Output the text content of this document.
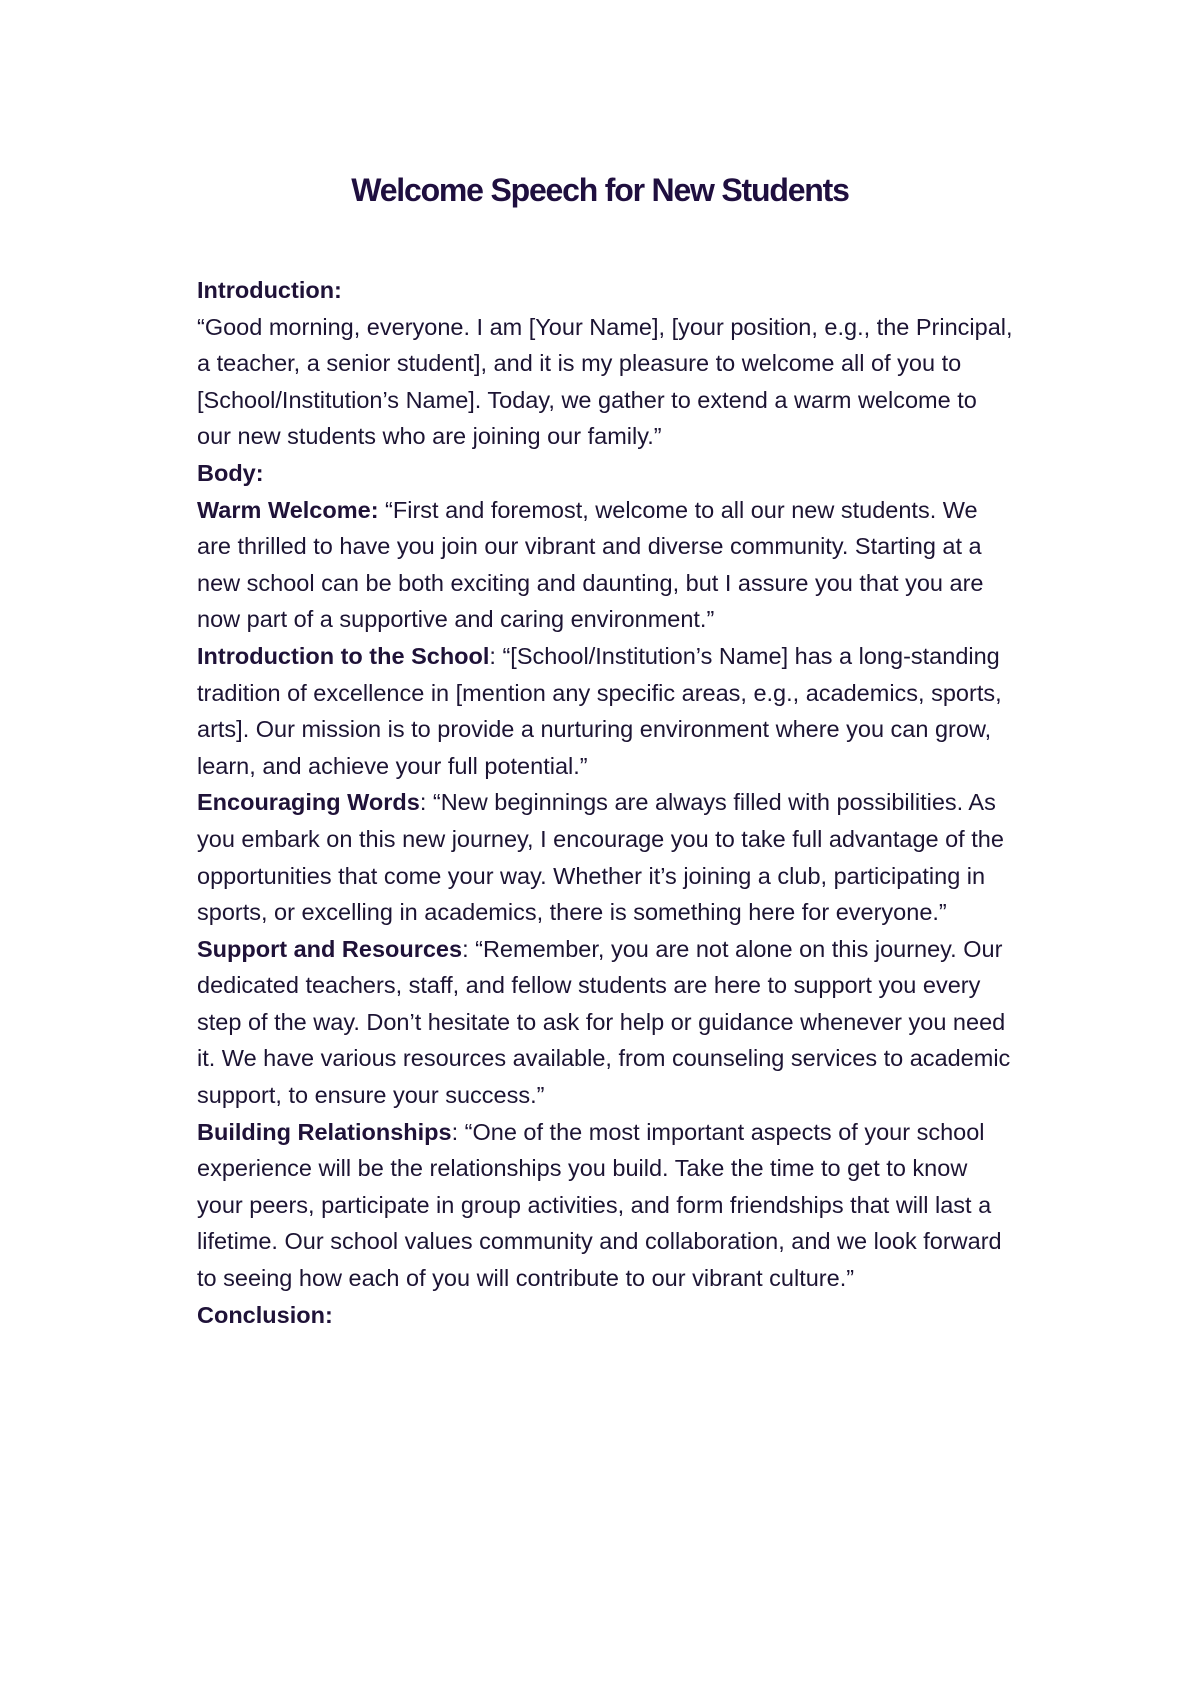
Welcome Speech for New Students

Introduction:

“Good morning, everyone. I am [Your Name], [your position, e.g., the Principal, a teacher, a senior student], and it is my pleasure to welcome all of you to [School/Institution’s Name]. Today, we gather to extend a warm welcome to our new students who are joining our family.”

Body:

Warm Welcome: “First and foremost, welcome to all our new students. We are thrilled to have you join our vibrant and diverse community. Starting at a new school can be both exciting and daunting, but I assure you that you are now part of a supportive and caring environment.”

Introduction to the School: “[School/Institution’s Name] has a long-standing tradition of excellence in [mention any specific areas, e.g., academics, sports, arts]. Our mission is to provide a nurturing environment where you can grow, learn, and achieve your full potential.”

Encouraging Words: “New beginnings are always filled with possibilities. As you embark on this new journey, I encourage you to take full advantage of the opportunities that come your way. Whether it’s joining a club, participating in sports, or excelling in academics, there is something here for everyone.”

Support and Resources: “Remember, you are not alone on this journey. Our dedicated teachers, staff, and fellow students are here to support you every step of the way. Don’t hesitate to ask for help or guidance whenever you need it. We have various resources available, from counseling services to academic support, to ensure your success.”

Building Relationships: “One of the most important aspects of your school experience will be the relationships you build. Take the time to get to know your peers, participate in group activities, and form friendships that will last a lifetime. Our school values community and collaboration, and we look forward to seeing how each of you will contribute to our vibrant culture.”

Conclusion:
